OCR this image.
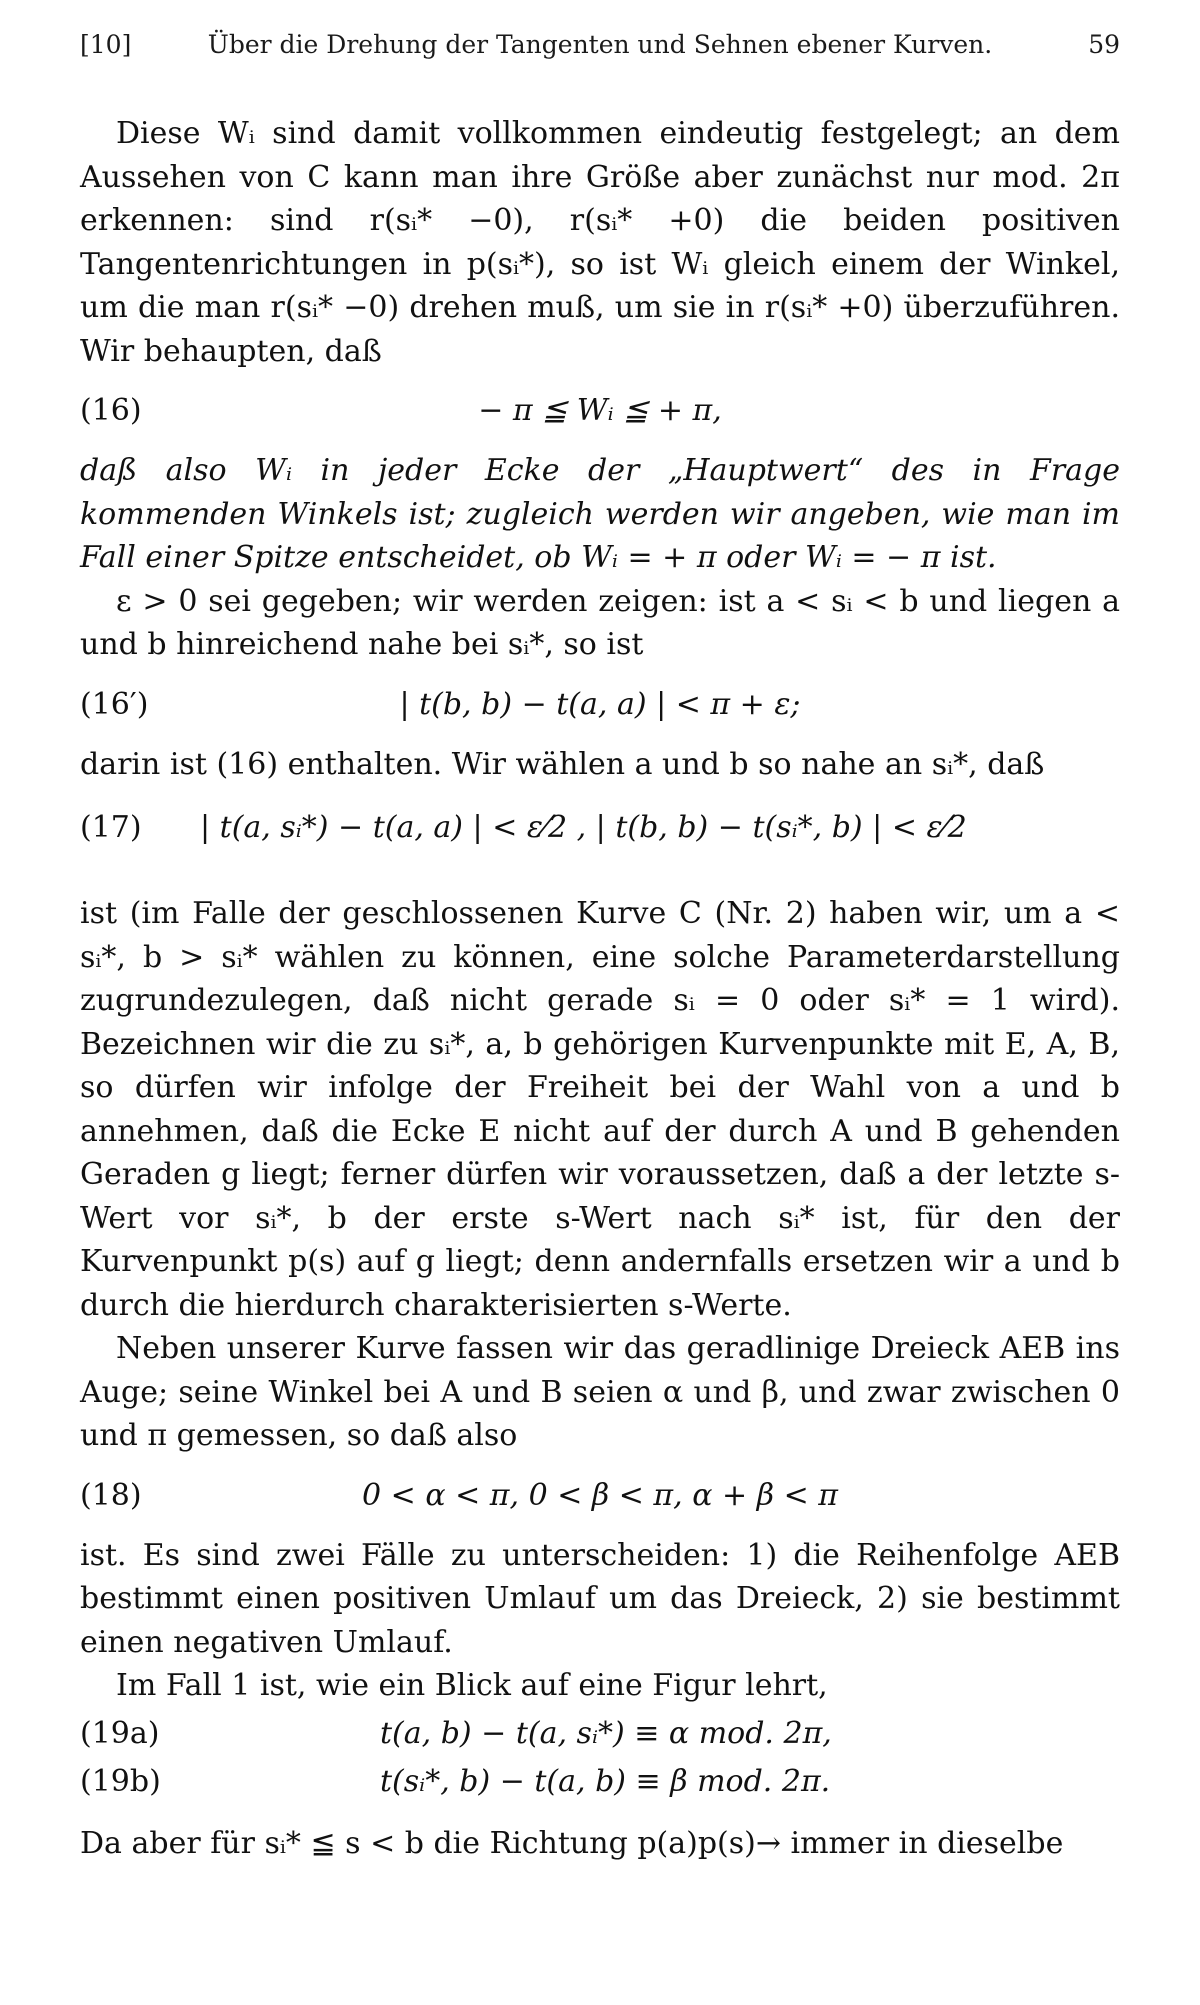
[10]	Über die Drehung der Tangenten und Sehnen ebener Kurven.	59

Diese Wᵢ sind damit vollkommen eindeutig festgelegt; an dem Aussehen von C kann man ihre Größe aber zunächst nur mod. 2π erkennen: sind r(sᵢ* −0), r(sᵢ* +0) die beiden positiven Tangentenrichtungen in p(sᵢ*), so ist Wᵢ gleich einem der Winkel, um die man r(sᵢ* −0) drehen muß, um sie in r(sᵢ* +0) überzuführen. Wir behaupten, daß

(16)	− π ≦ Wᵢ ≦ + π,

daß also Wᵢ in jeder Ecke der „Hauptwert“ des in Frage kommenden Winkels ist; zugleich werden wir angeben, wie man im Fall einer Spitze entscheidet, ob Wᵢ = + π oder Wᵢ = − π ist.

ε > 0 sei gegeben; wir werden zeigen: ist a < sᵢ < b und liegen a und b hinreichend nahe bei sᵢ*, so ist

(16′)	| t(b, b) − t(a, a) | < π + ε;

darin ist (16) enthalten. Wir wählen a und b so nahe an sᵢ*, daß

(17) | t(a, sᵢ*) − t(a, a) | < ε⁄2 , | t(b, b) − t(sᵢ*, b) | < ε⁄2

ist (im Falle der geschlossenen Kurve C (Nr. 2) haben wir, um a < sᵢ*, b > sᵢ* wählen zu können, eine solche Parameterdarstellung zugrundezulegen, daß nicht gerade sᵢ = 0 oder sᵢ* = 1 wird). Bezeichnen wir die zu sᵢ*, a, b gehörigen Kurvenpunkte mit E, A, B, so dürfen wir infolge der Freiheit bei der Wahl von a und b annehmen, daß die Ecke E nicht auf der durch A und B gehenden Geraden g liegt; ferner dürfen wir voraussetzen, daß a der letzte s-Wert vor sᵢ*, b der erste s-Wert nach sᵢ* ist, für den der Kurvenpunkt p(s) auf g liegt; denn andernfalls ersetzen wir a und b durch die hierdurch charakterisierten s-Werte.

Neben unserer Kurve fassen wir das geradlinige Dreieck AEB ins Auge; seine Winkel bei A und B seien α und β, und zwar zwischen 0 und π gemessen, so daß also

(18)	0 < α < π, 0 < β < π, α + β < π

ist. Es sind zwei Fälle zu unterscheiden: 1) die Reihenfolge AEB bestimmt einen positiven Umlauf um das Dreieck, 2) sie bestimmt einen negativen Umlauf.

Im Fall 1 ist, wie ein Blick auf eine Figur lehrt,

(19a)	t(a, b) − t(a, sᵢ*) ≡ α mod. 2π,
(19b)	t(sᵢ*, b) − t(a, b) ≡ β mod. 2π.

Da aber für sᵢ* ≦ s < b die Richtung p(a)p(s)→ immer in dieselbe
